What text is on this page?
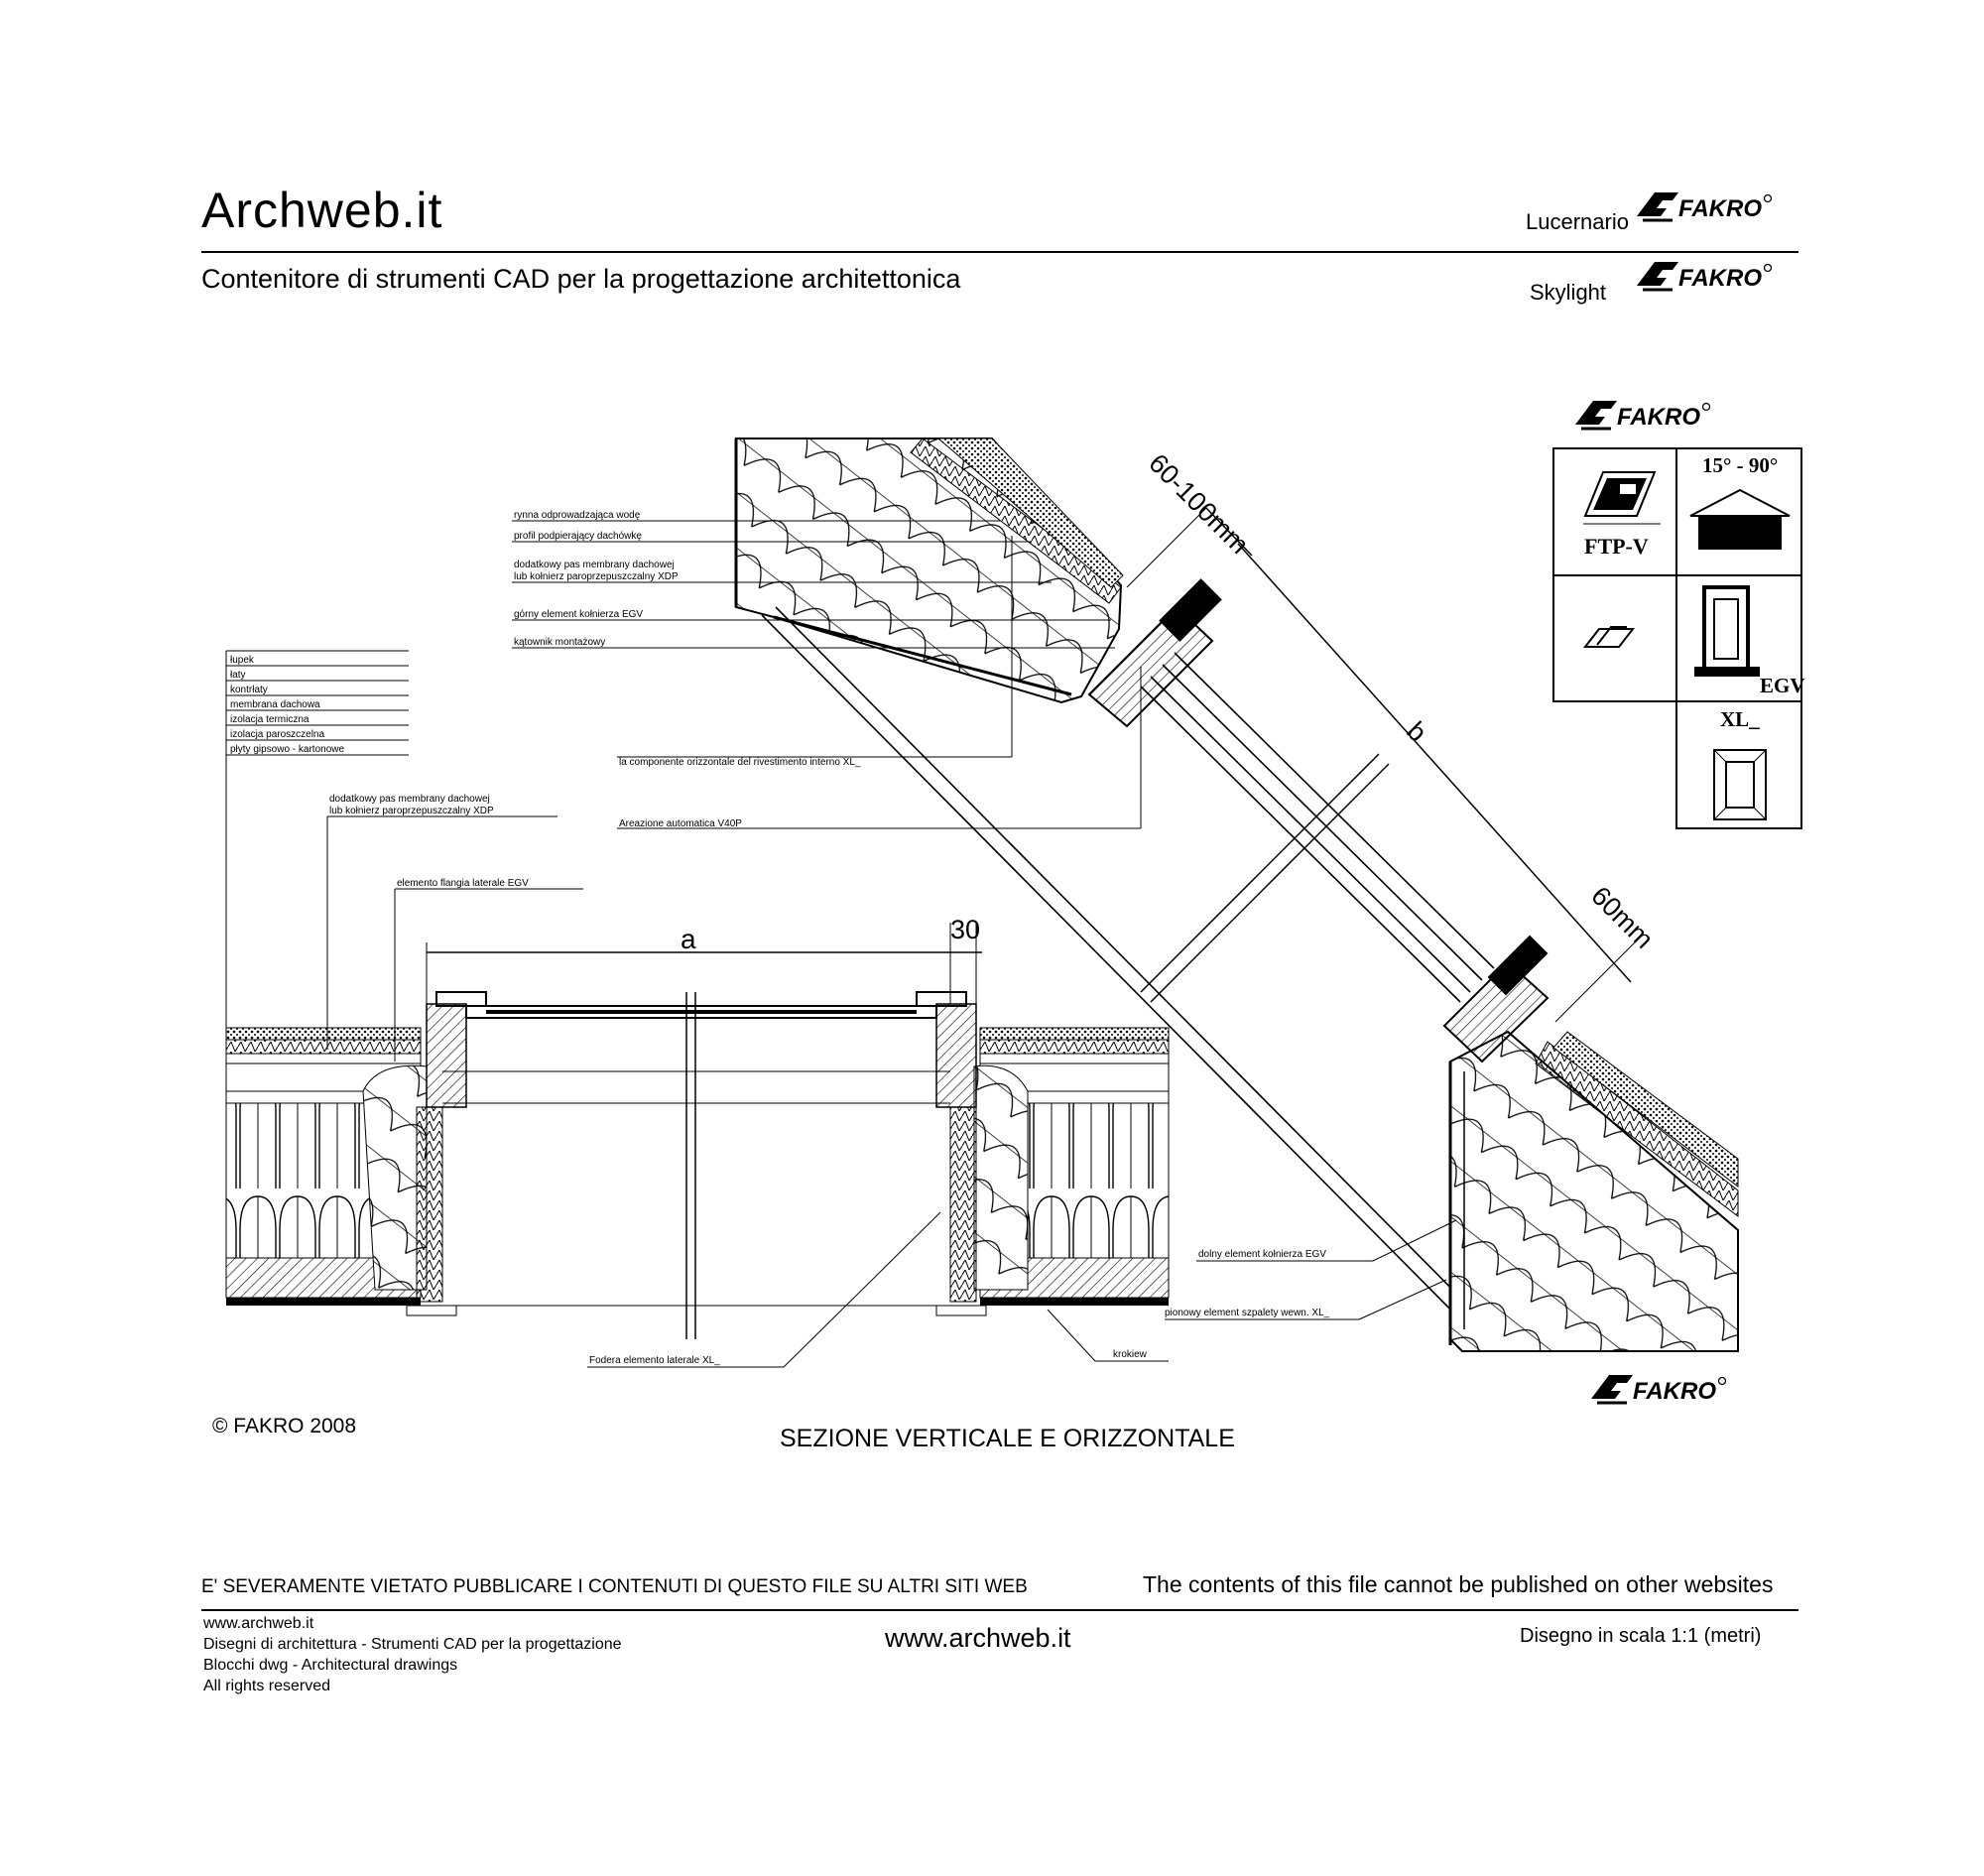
Archweb.it
Contenitore di strumenti CAD per la progettazione architettonica
Lucernario
Skylight
FAKRO
FTP-V
15° - 90°
EGV
XL_
a	30
b
60-100mm
60mm
łupek
łaty
kontrłaty
membrana dachowa
izolacja termiczna
izolacja paroszczelna
płyty gipsowo - kartonowe
rynna odprowadzająca wodę
profil podpierający dachówkę
dodatkowy pas membrany dachowej
lub kołnierz paroprzepuszczalny XDP
górny element kołnierza EGV
kątownik montażowy
la componente orizzontale del rivestimento interno XL_
dodatkowy pas membrany dachowej
lub kołnierz paroprzepuszczalny XDP
Areazione automatica V40P
elemento flangia laterale EGV
dolny element kołnierza EGV
pionowy element szpalety wewn. XL_
Fodera elemento laterale XL_
krokiew
© FAKRO 2008	SEZIONE VERTICALE E ORIZZONTALE
E' SEVERAMENTE VIETATO PUBBLICARE I CONTENUTI DI QUESTO FILE SU ALTRI SITI WEB	The contents of this file cannot be published on other websites
www.archweb.it
Disegni di architettura - Strumenti CAD per la progettazione
Blocchi dwg - Architectural drawings
All rights reserved
www.archweb.it	Disegno in scala 1:1 (metri)
